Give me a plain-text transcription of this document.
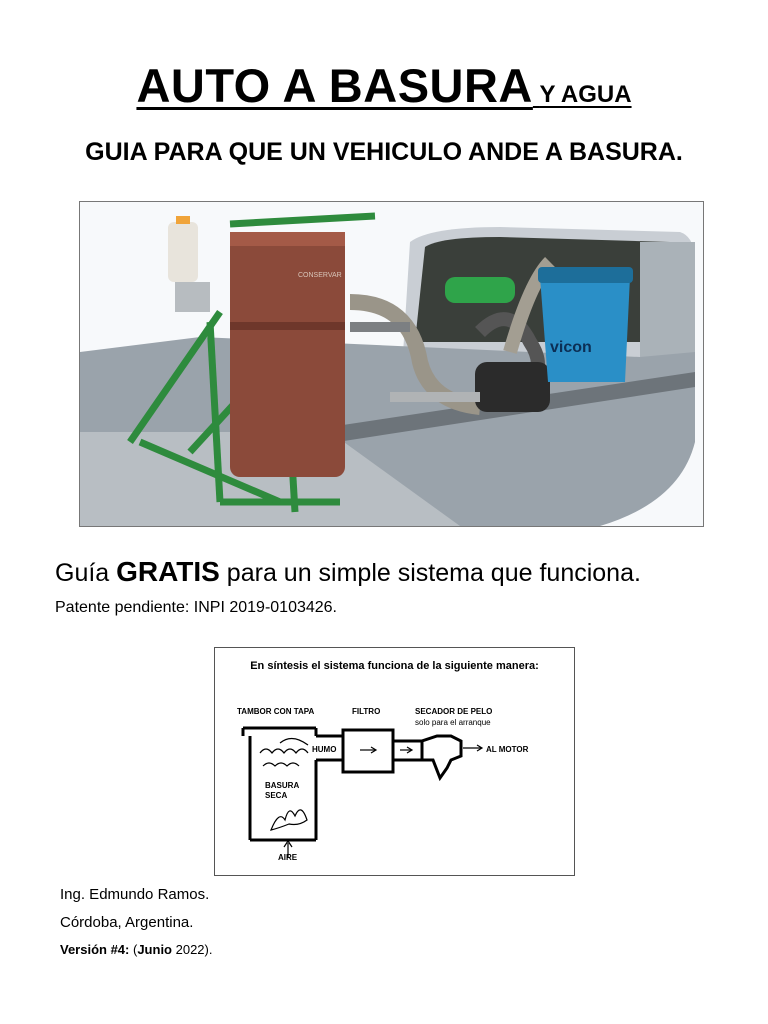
AUTO A BASURA Y AGUA
GUIA PARA QUE UN VEHICULO ANDE A BASURA.
CONSERVAR
vicon
Guía GRATIS para un simple sistema que funciona.
Patente pendiente: INPI 2019-0103426.
En síntesis el sistema funciona de la siguiente manera:
TAMBOR CON TAPA	FILTRO	SECADOR DE PELO
solo para el arranque
HUMO	AL MOTOR
BASURA
SECA
AIRE
Ing. Edmundo Ramos.
Córdoba, Argentina.
Versión #4: (Junio 2022).
